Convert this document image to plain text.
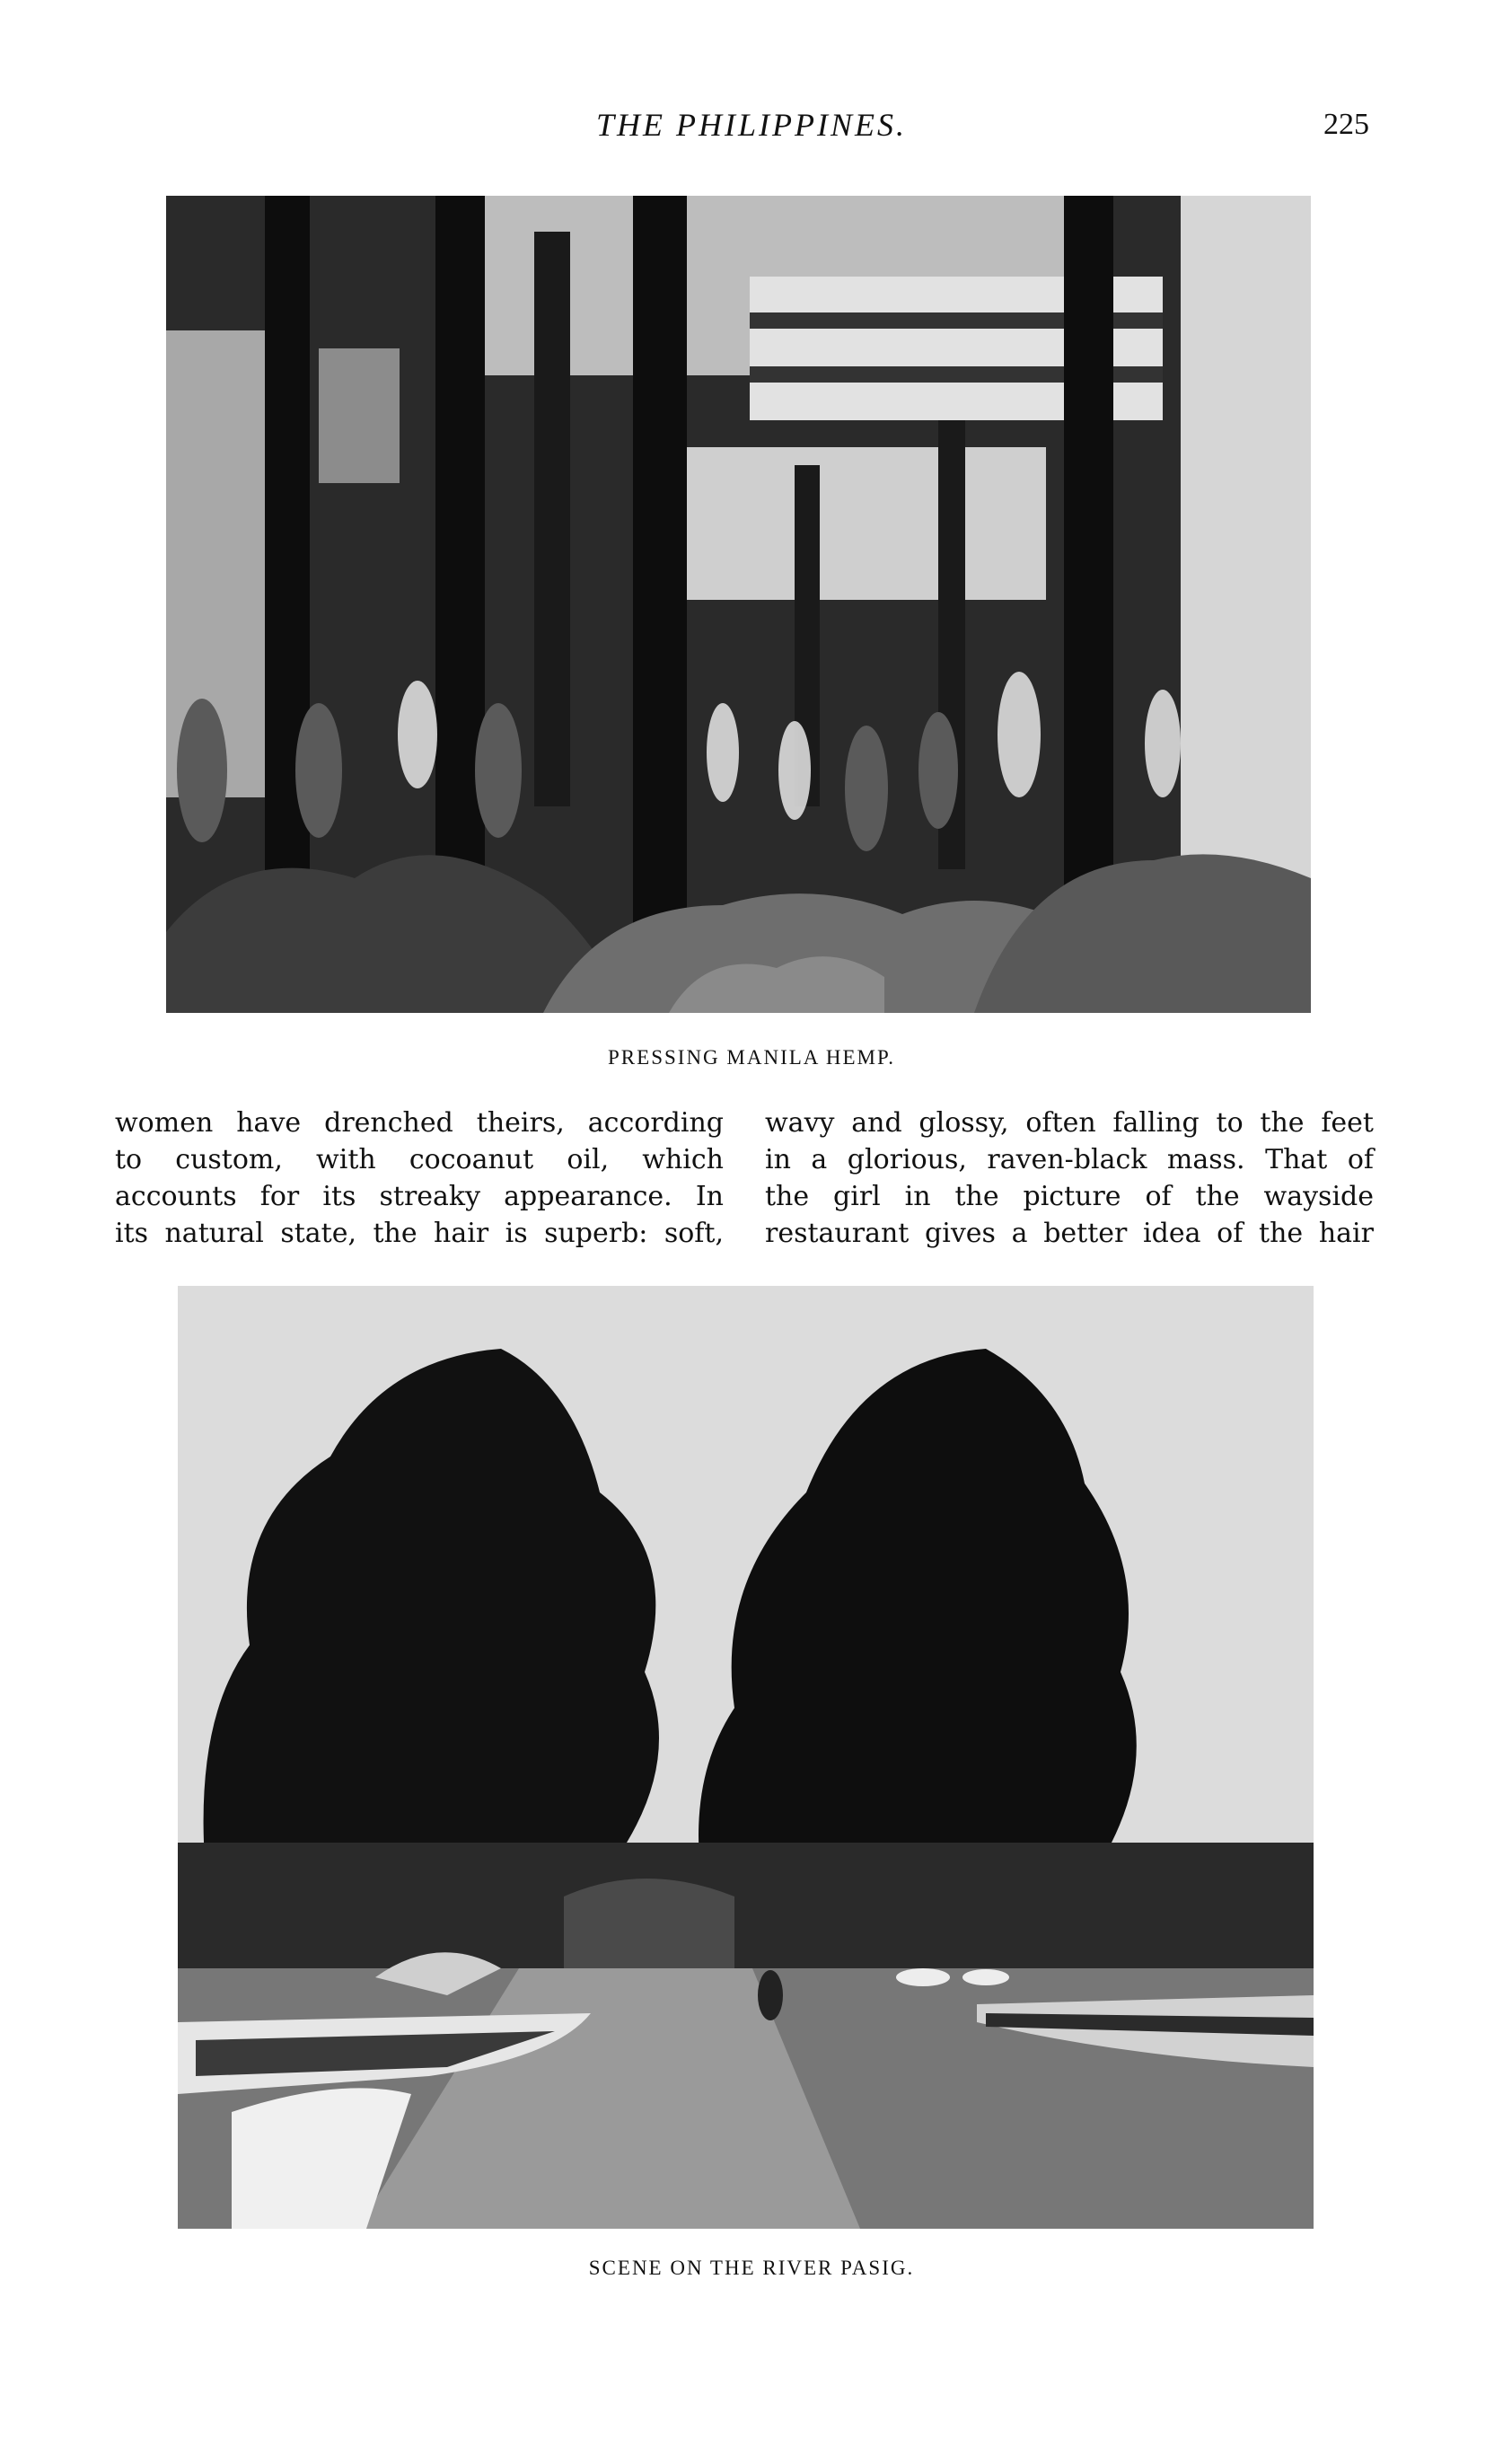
THE PHILIPPINES.	225
PRESSING MANILA HEMP.
women have drenched theirs, according
to custom, with cocoanut oil, which
accounts for its streaky appearance. In
its natural state, the hair is superb: soft,
wavy and glossy, often falling to the feet
in a glorious, raven-black mass. That of
the girl in the picture of the wayside
restaurant gives a better idea of the hair
SCENE ON THE RIVER PASIG.
